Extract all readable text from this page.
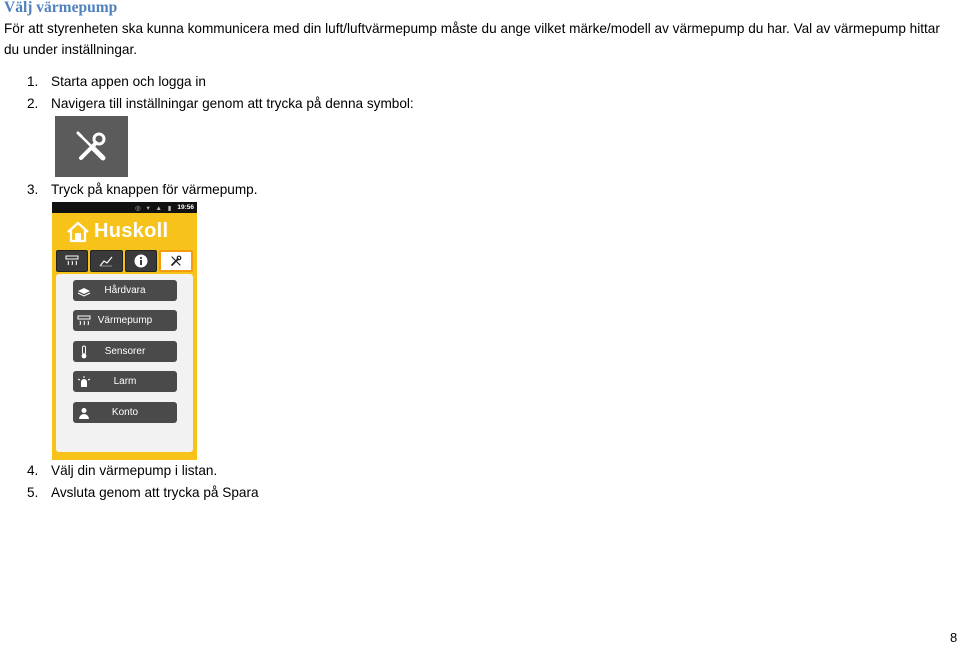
Välj värmepump
För att styrenheten ska kunna kommunicera med din luft/luftvärmepump måste du ange vilket märke/modell av värmepump du har. Val av värmepump hittar du under inställningar.
1. Starta appen och logga in
2. Navigera till inställningar genom att trycka på denna symbol:
3. Tryck på knappen för värmepump.
◎ ▾ ▲ ▮ 19:56
Huskoll
Hårdvara
Värmepump
Sensorer
Larm
Konto
4. Välj din värmepump i listan.
5. Avsluta genom att trycka på Spara
8
